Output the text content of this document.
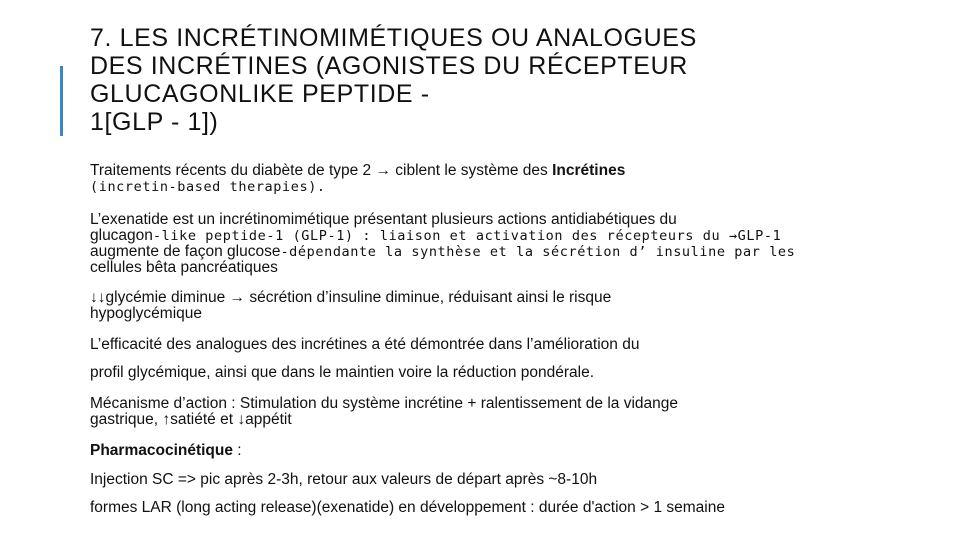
7. LES INCRÉTINOMIMÉTIQUES OU ANALOGUES
DES INCRÉTINES (AGONISTES DU RÉCEPTEUR
GLUCAGONLIKE PEPTIDE -
1[GLP - 1])

Traitements récents du diabète de type 2 → ciblent le système des Incrétines

(incretin‐based therapies).

L’exenatide est un incrétinomimétique présentant plusieurs actions antidiabétiques du

glucagon‐like peptide‐1 (GLP‐1) : liaison et activation des récepteurs du →GLP‐1

augmente de façon glucose‐dépendante la synthèse et la sécrétion d’ insuline par les

cellules bêta pancréatiques

↓↓glycémie diminue → sécrétion d’insuline diminue, réduisant ainsi le risque

hypoglycémique

L’efficacité des analogues des incrétines a été démontrée dans l’amélioration du

profil glycémique, ainsi que dans le maintien voire la réduction pondérale.

Mécanisme d’action : Stimulation du système incrétine + ralentissement de la vidange

gastrique, ↑satiété et ↓appétit

Pharmacocinétique :

Injection SC => pic après 2-3h, retour aux valeurs de départ après ~8-10h

formes LAR (long acting release)(exenatide) en développement : durée d'action > 1 semaine
